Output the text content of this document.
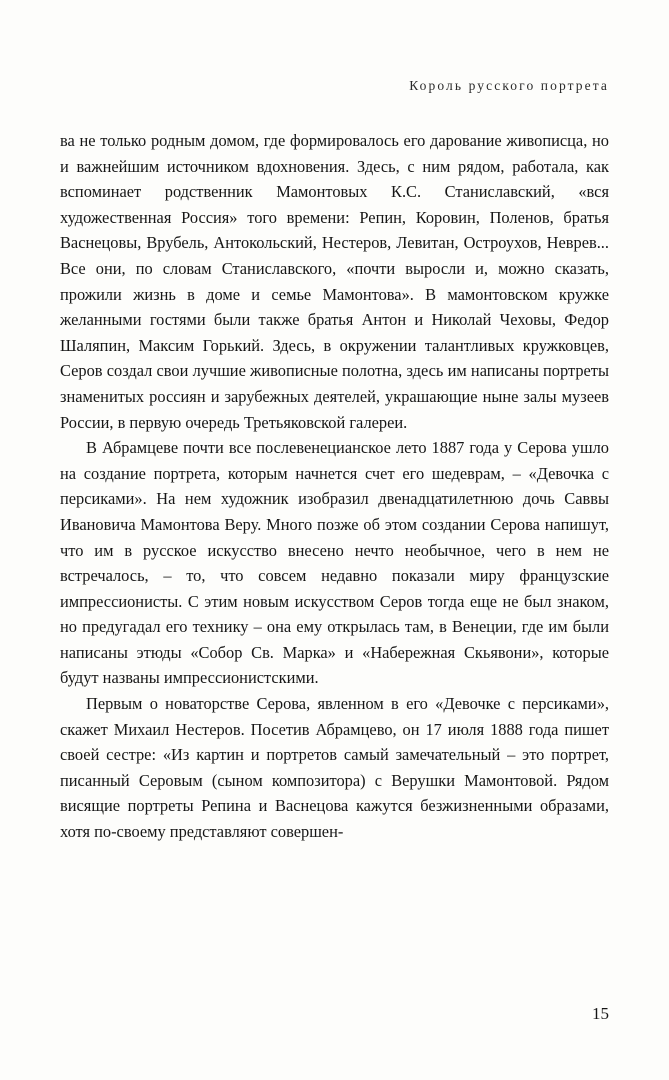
Король русского портрета

ва не только родным домом, где формировалось его дарование живописца, но и важнейшим источником вдохновения. Здесь, с ним рядом, работала, как вспоминает родственник Мамонтовых К.С. Станиславский, «вся художественная Россия» того времени: Репин, Коровин, Поленов, братья Васнецовы, Врубель, Антокольский, Нестеров, Левитан, Остроухов, Неврев... Все они, по словам Станиславского, «почти выросли и, можно сказать, прожили жизнь в доме и семье Мамонтова». В мамонтовском кружке желанными гостями были также братья Антон и Николай Чеховы, Федор Шаляпин, Максим Горький. Здесь, в окружении талантливых кружковцев, Серов создал свои лучшие живописные полотна, здесь им написаны портреты знаменитых россиян и зарубежных деятелей, украшающие ныне залы музеев России, в первую очередь Третьяковской галереи.

В Абрамцеве почти все послевенецианское лето 1887 года у Серова ушло на создание портрета, которым начнется счет его шедеврам, – «Девочка с персиками». На нем художник изобразил двенадцатилетнюю дочь Саввы Ивановича Мамонтова Веру. Много позже об этом создании Серова напишут, что им в русское искусство внесено нечто необычное, чего в нем не встречалось, – то, что совсем недавно показали миру французские импрессионисты. С этим новым искусством Серов тогда еще не был знаком, но предугадал его технику – она ему открылась там, в Венеции, где им были написаны этюды «Собор Св. Марка» и «Набережная Скьявони», которые будут названы импрессионистскими.

Первым о новаторстве Серова, явленном в его «Девочке с персиками», скажет Михаил Нестеров. Посетив Абрамцево, он 17 июля 1888 года пишет своей сестре: «Из картин и портретов самый замечательный – это портрет, писанный Серовым (сыном композитора) с Верушки Мамонтовой. Рядом висящие портреты Репина и Васнецова кажутся безжизненными образами, хотя по-своему представляют совершен-

15
